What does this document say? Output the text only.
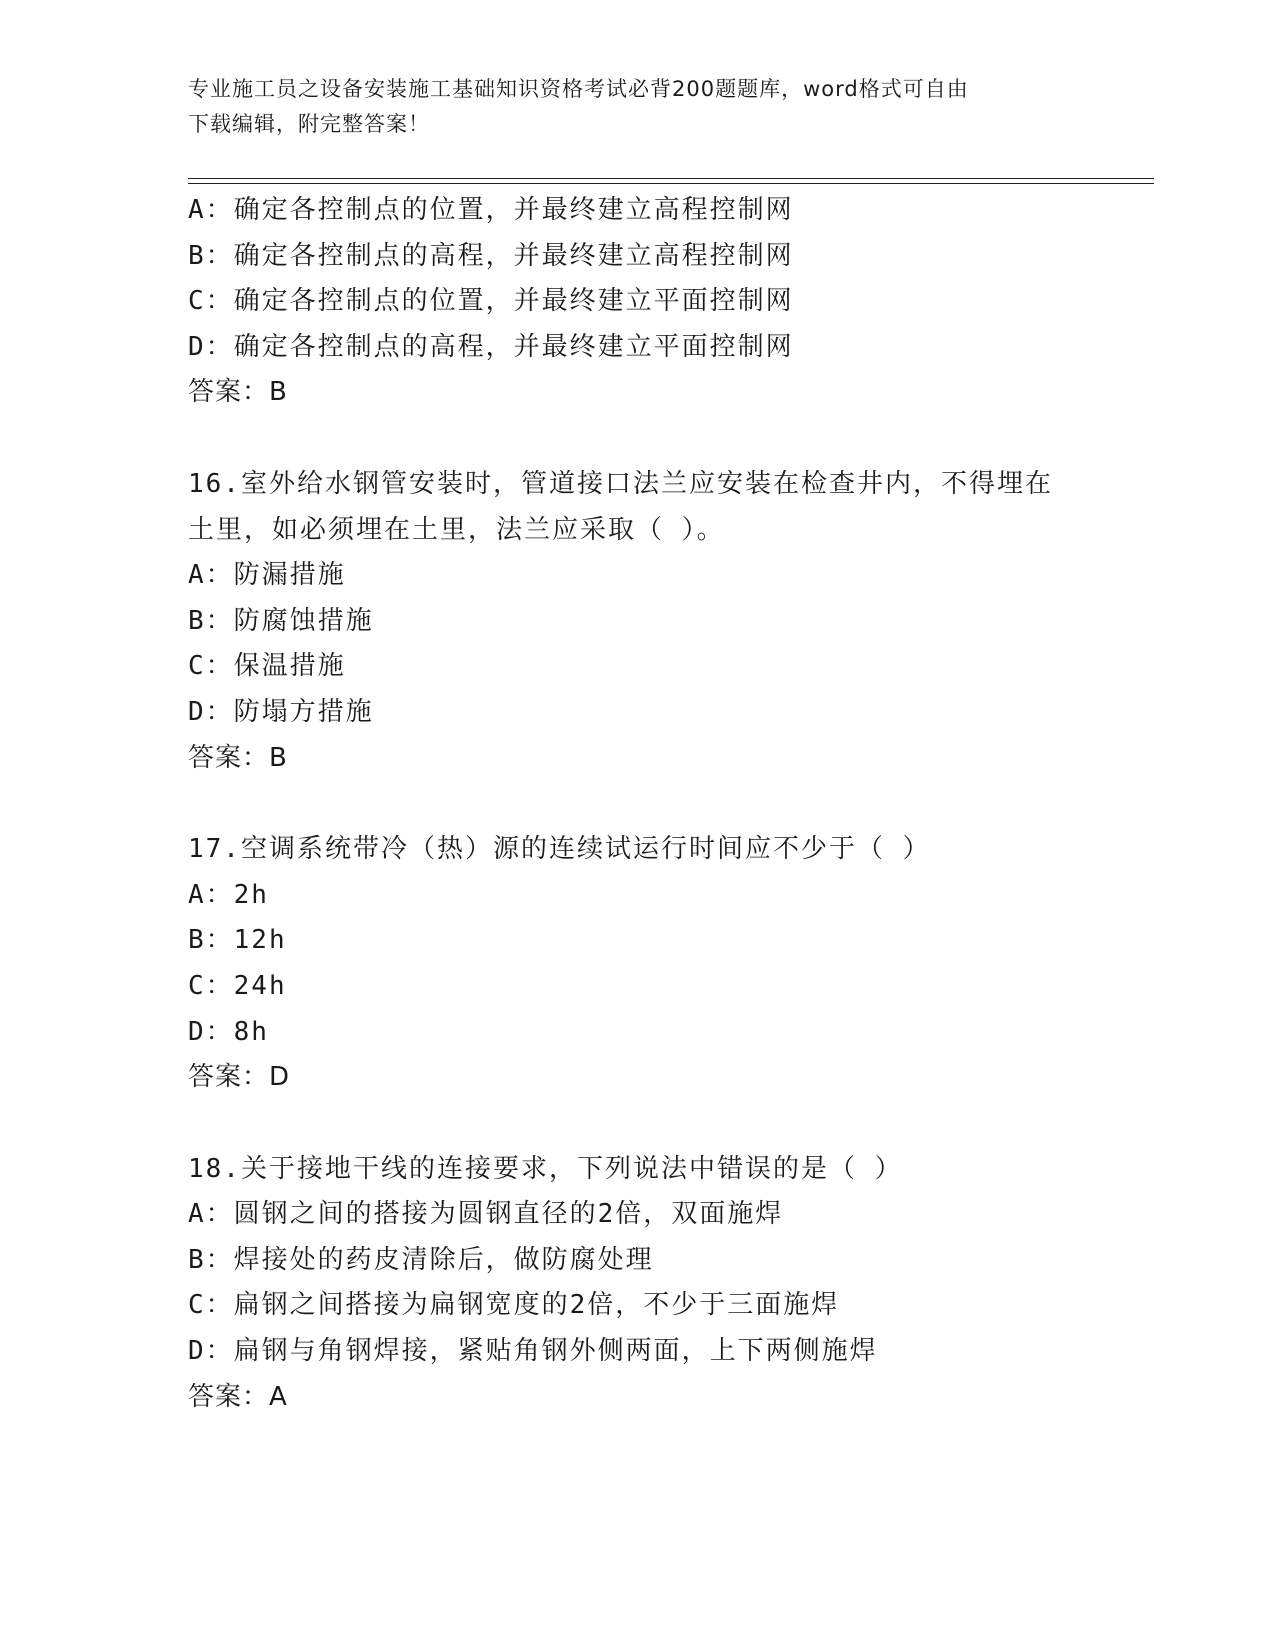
专业施工员之设备安装施工基础知识资格考试必背200题题库，word格式可自由
下载编辑，附完整答案！
A：确定各控制点的位置，并最终建立高程控制网
B：确定各控制点的高程，并最终建立高程控制网
C：确定各控制点的位置，并最终建立平面控制网
D：确定各控制点的高程，并最终建立平面控制网
答案：B
16.室外给水钢管安装时，管道接口法兰应安装在检查井内，不得埋在
土里，如必须埋在土里，法兰应采取（ ）。
A：防漏措施
B：防腐蚀措施
C：保温措施
D：防塌方措施
答案：B
17.空调系统带冷（热）源的连续试运行时间应不少于（ ）
A：2h
B：12h
C：24h
D：8h
答案：D
18.关于接地干线的连接要求，下列说法中错误的是（ ）
A：圆钢之间的搭接为圆钢直径的2倍，双面施焊
B：焊接处的药皮清除后，做防腐处理
C：扁钢之间搭接为扁钢宽度的2倍，不少于三面施焊
D：扁钢与角钢焊接，紧贴角钢外侧两面，上下两侧施焊
答案：A
